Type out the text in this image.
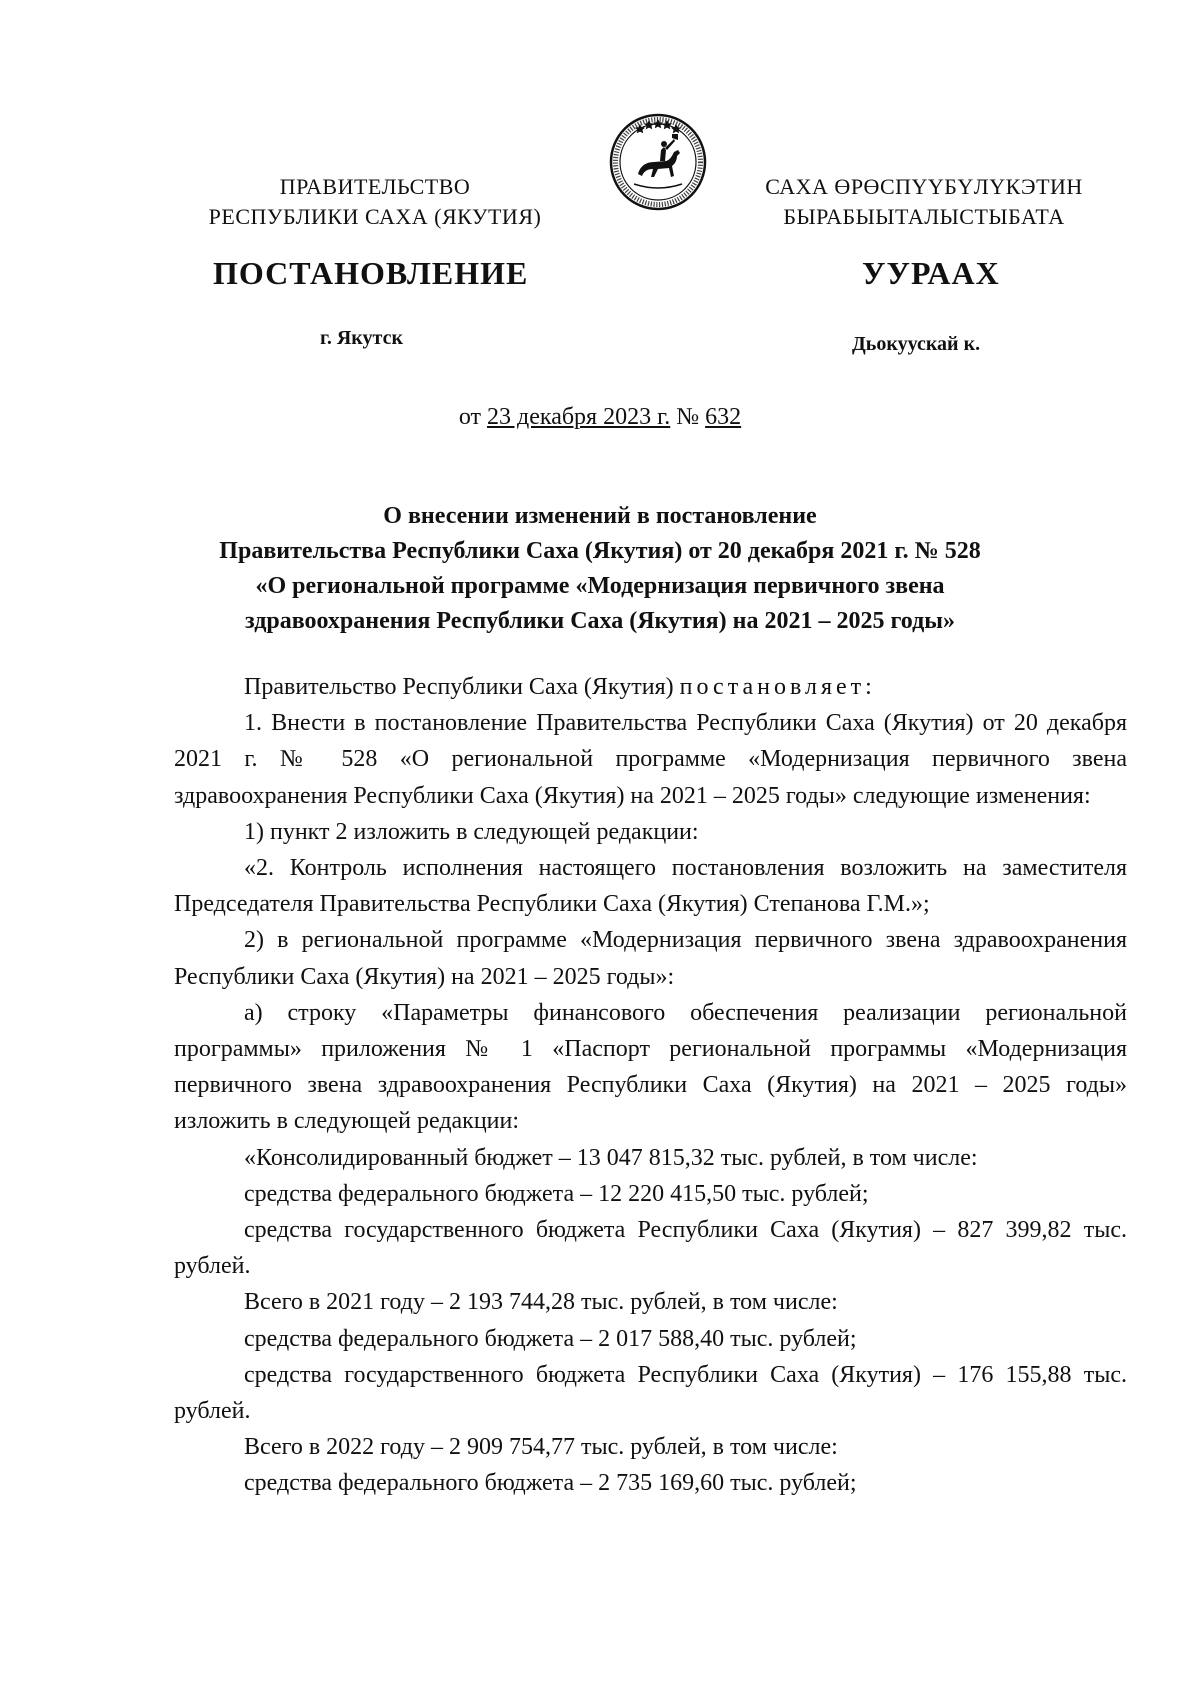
ПРАВИТЕЛЬСТВО
РЕСПУБЛИКИ САХА (ЯКУТИЯ)
САХА ӨРӨСПҮҮБҮЛҮКЭТИН
БЫРАБЫЫТАЛЫСТЫБАТА
ПОСТАНОВЛЕНИЕ	УУРААХ
г. Якутск	Дьокуускай к.
от 23 декабря 2023 г. № 632
О внесении изменений в постановление
Правительства Республики Саха (Якутия) от 20 декабря 2021 г. № 528
«О региональной программе «Модернизация первичного звена
здравоохранения Республики Саха (Якутия) на 2021 – 2025 годы»

Правительство Республики Саха (Якутия) постановляет:

1. Внести в постановление Правительства Республики Саха (Якутия) от 20 декабря 2021 г. № 528 «О региональной программе «Модернизация первичного звена здравоохранения Республики Саха (Якутия) на 2021 – 2025 годы» следующие изменения:

1) пункт 2 изложить в следующей редакции:

«2. Контроль исполнения настоящего постановления возложить на заместителя Председателя Правительства Республики Саха (Якутия) Степанова Г.М.»;

2) в региональной программе «Модернизация первичного звена здравоохранения Республики Саха (Якутия) на 2021 – 2025 годы»:

а) строку «Параметры финансового обеспечения реализации региональной программы» приложения № 1 «Паспорт региональной программы «Модернизация первичного звена здравоохранения Республики Саха (Якутия) на 2021 – 2025 годы» изложить в следующей редакции:

«Консолидированный бюджет – 13 047 815,32 тыс. рублей, в том числе:

средства федерального бюджета – 12 220 415,50 тыс. рублей;

средства государственного бюджета Республики Саха (Якутия) – 827 399,82 тыс. рублей.

Всего в 2021 году – 2 193 744,28 тыс. рублей, в том числе:

средства федерального бюджета – 2 017 588,40 тыс. рублей;

средства государственного бюджета Республики Саха (Якутия) – 176 155,88 тыс. рублей.

Всего в 2022 году – 2 909 754,77 тыс. рублей, в том числе:

средства федерального бюджета – 2 735 169,60 тыс. рублей;
